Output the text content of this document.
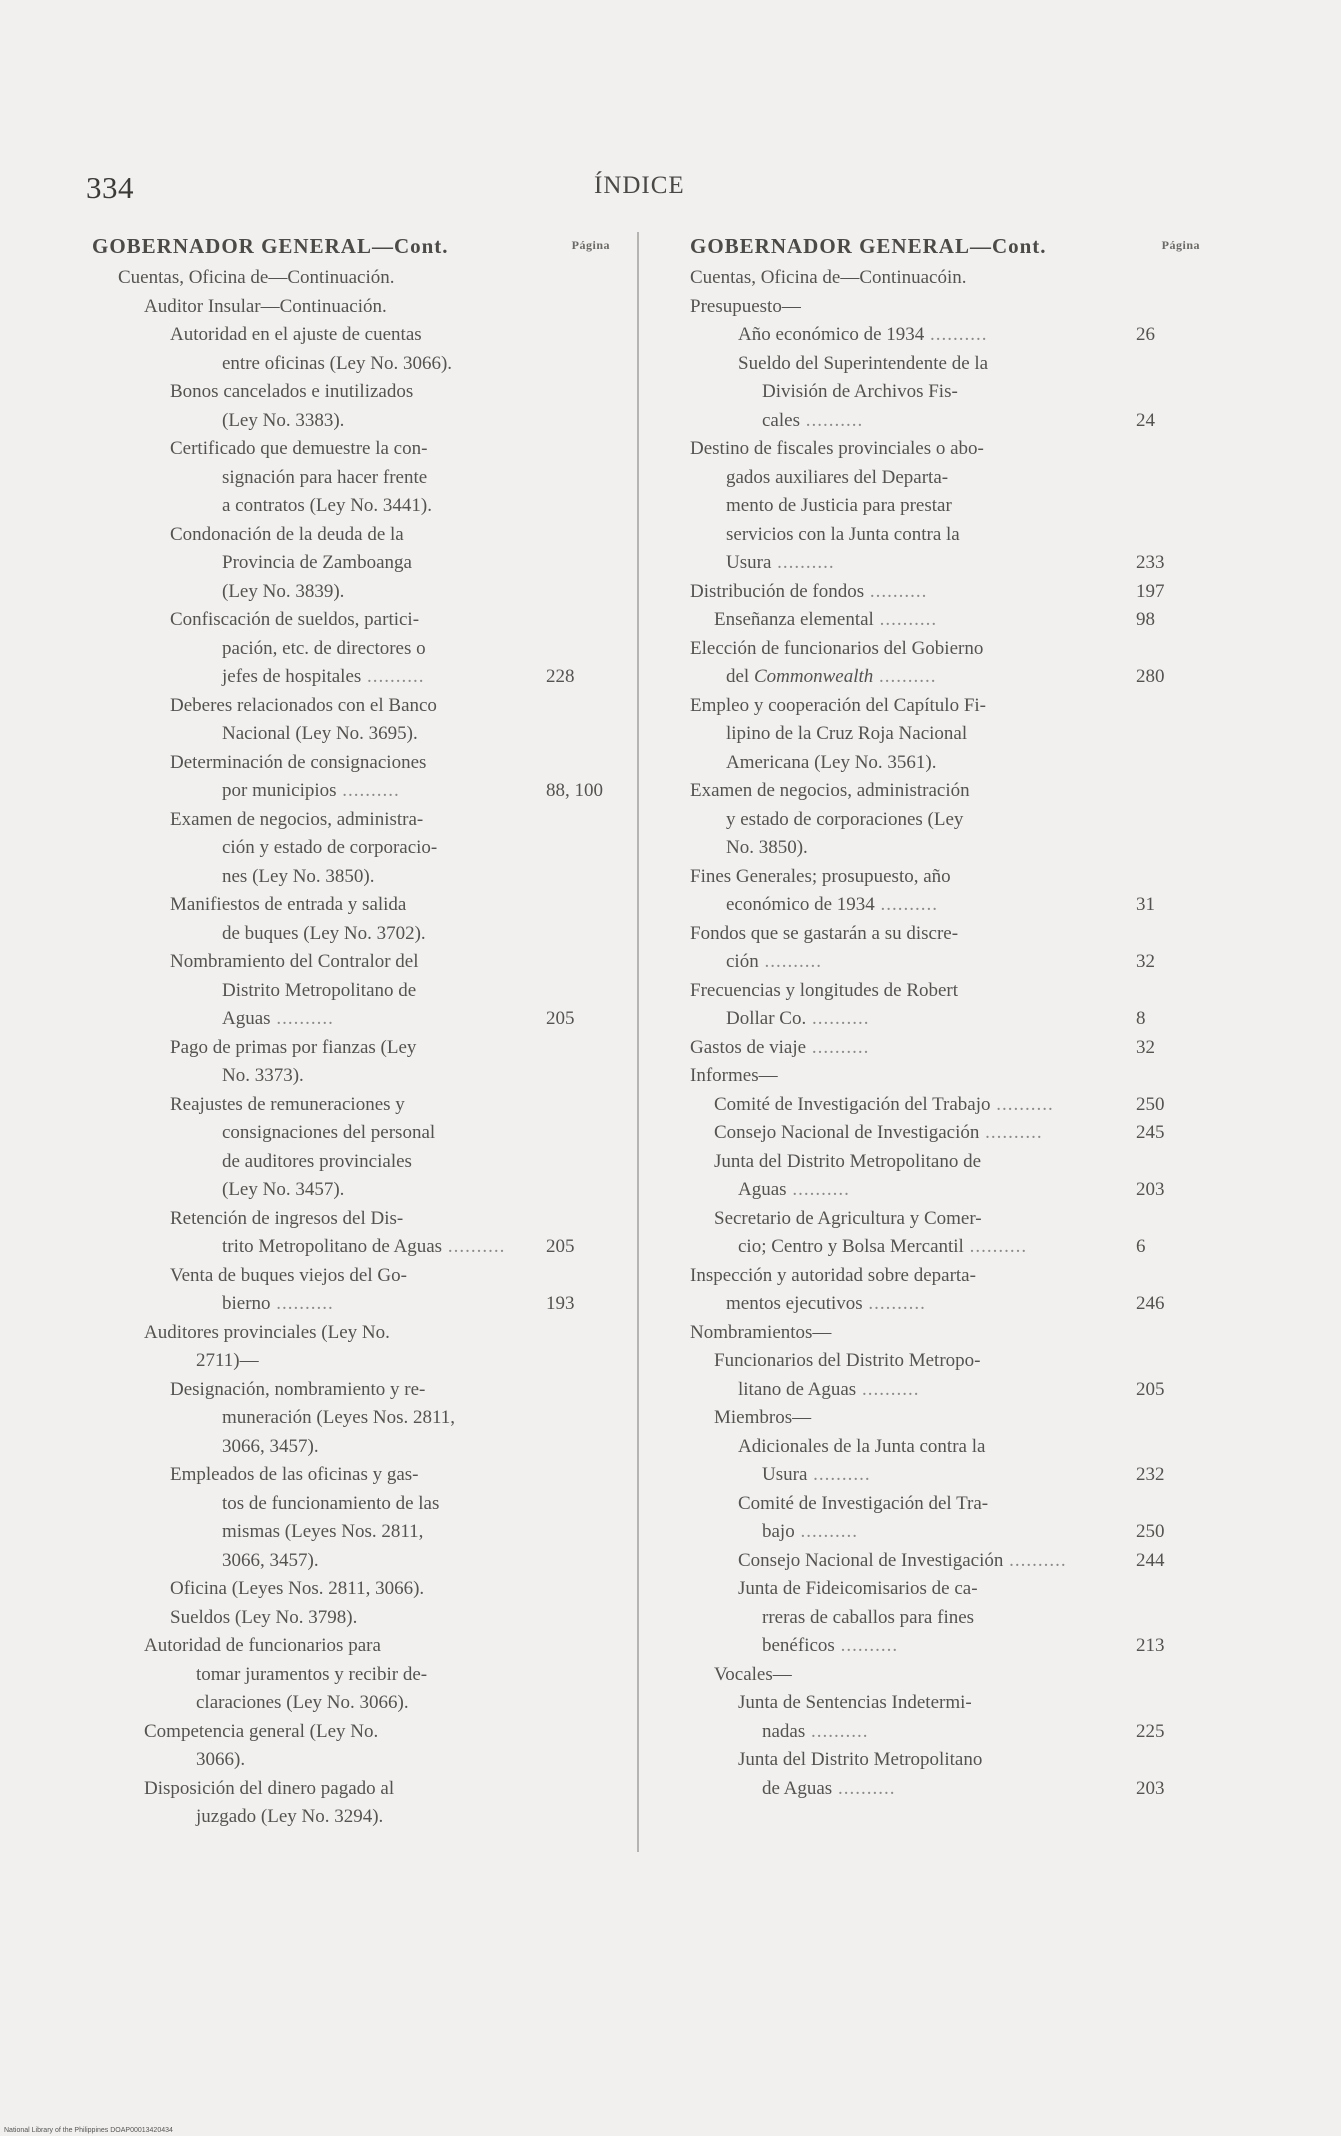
334	ÍNDICE
GOBERNADOR GENERAL—Cont.	Página
Cuentas, Oficina de—Continuación.
Auditor Insular—Continuación.
Autoridad en el ajuste de cuentas
entre oficinas (Ley No. 3066).
Bonos cancelados e inutilizados
(Ley No. 3383).
Certificado que demuestre la con-
signación para hacer frente
a contratos (Ley No. 3441).
Condonación de la deuda de la
Provincia de Zamboanga
(Ley No. 3839).
Confiscación de sueldos, partici-
pación, etc. de directores o
jefes de hospitales ..........	228
Deberes relacionados con el Banco
Nacional (Ley No. 3695).
Determinación de consignaciones
por municipios ..........	88, 100
Examen de negocios, administra-
ción y estado de corporacio-
nes (Ley No. 3850).
Manifiestos de entrada y salida
de buques (Ley No. 3702).
Nombramiento del Contralor del
Distrito Metropolitano de
Aguas ..........	205
Pago de primas por fianzas (Ley
No. 3373).
Reajustes de remuneraciones y
consignaciones del personal
de auditores provinciales
(Ley No. 3457).
Retención de ingresos del Dis-
trito Metropolitano de Aguas ..........	205
Venta de buques viejos del Go-
bierno ..........	193
Auditores provinciales (Ley No.
2711)—
Designación, nombramiento y re-
muneración (Leyes Nos. 2811,
3066, 3457).
Empleados de las oficinas y gas-
tos de funcionamiento de las
mismas (Leyes Nos. 2811,
3066, 3457).
Oficina (Leyes Nos. 2811, 3066).
Sueldos (Ley No. 3798).
Autoridad de funcionarios para
tomar juramentos y recibir de-
claraciones (Ley No. 3066).
Competencia general (Ley No.
3066).
Disposición del dinero pagado al
juzgado (Ley No. 3294).
GOBERNADOR GENERAL—Cont.	Página
Cuentas, Oficina de—Continuacóin.
Presupuesto—
Año económico de 1934 ..........	26
Sueldo del Superintendente de la
División de Archivos Fis-
cales ..........	24
Destino de fiscales provinciales o abo-
gados auxiliares del Departa-
mento de Justicia para prestar
servicios con la Junta contra la
Usura ..........	233
Distribución de fondos ..........	197
Enseñanza elemental ..........	98
Elección de funcionarios del Gobierno
del Commonwealth ..........	280
Empleo y cooperación del Capítulo Fi-
lipino de la Cruz Roja Nacional
Americana (Ley No. 3561).
Examen de negocios, administración
y estado de corporaciones (Ley
No. 3850).
Fines Generales; prosupuesto, año
económico de 1934 ..........	31
Fondos que se gastarán a su discre-
ción ..........	32
Frecuencias y longitudes de Robert
Dollar Co. ..........	8
Gastos de viaje ..........	32
Informes—
Comité de Investigación del Trabajo ..........	250
Consejo Nacional de Investigación ..........	245
Junta del Distrito Metropolitano de
Aguas ..........	203
Secretario de Agricultura y Comer-
cio; Centro y Bolsa Mercantil ..........	6
Inspección y autoridad sobre departa-
mentos ejecutivos ..........	246
Nombramientos—
Funcionarios del Distrito Metropo-
litano de Aguas ..........	205
Miembros—
Adicionales de la Junta contra la
Usura ..........	232
Comité de Investigación del Tra-
bajo ..........	250
Consejo Nacional de Investigación ..........	244
Junta de Fideicomisarios de ca-
rreras de caballos para fines
benéficos ..........	213
Vocales—
Junta de Sentencias Indetermi-
nadas ..........	225
Junta del Distrito Metropolitano
de Aguas ..........	203
National Library of the Philippines DOAP00013420434
